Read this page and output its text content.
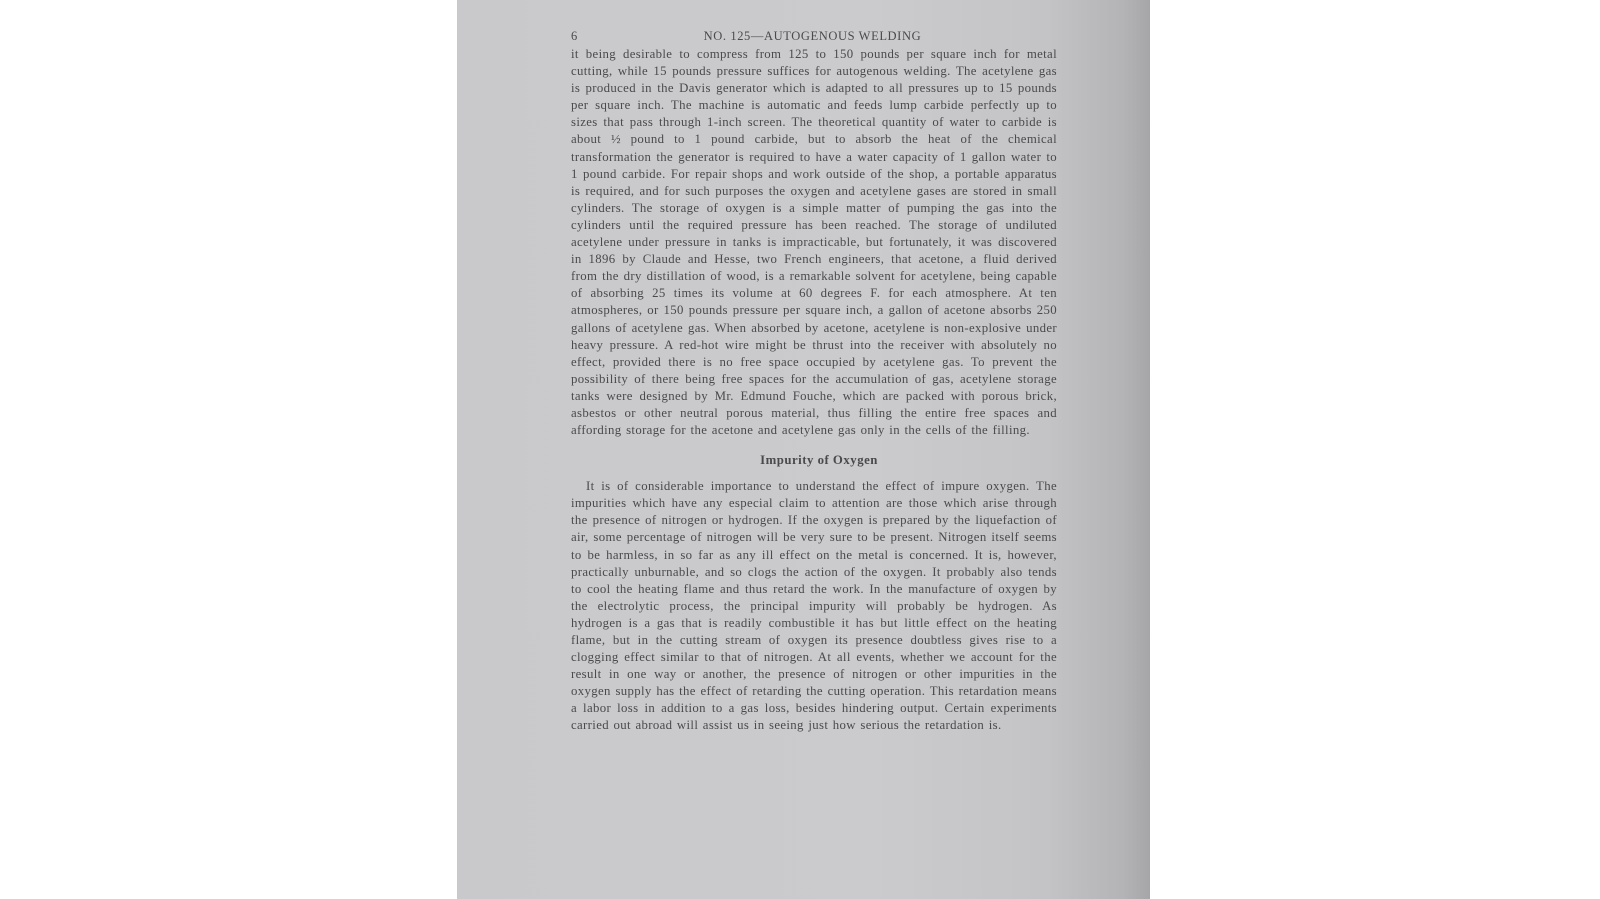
6	NO. 125—AUTOGENOUS WELDING

it being desirable to compress from 125 to 150 pounds per square inch for metal cutting, while 15 pounds pressure suffices for autogenous welding. The acetylene gas is produced in the Davis generator which is adapted to all pressures up to 15 pounds per square inch. The machine is automatic and feeds lump carbide perfectly up to sizes that pass through 1-inch screen. The theoretical quantity of water to carbide is about ½ pound to 1 pound carbide, but to absorb the heat of the chemical transformation the generator is required to have a water capacity of 1 gallon water to 1 pound carbide. For repair shops and work outside of the shop, a portable apparatus is required, and for such purposes the oxygen and acetylene gases are stored in small cylinders. The storage of oxygen is a simple matter of pumping the gas into the cylinders until the required pressure has been reached. The storage of undiluted acetylene under pressure in tanks is impracticable, but fortunately, it was discovered in 1896 by Claude and Hesse, two French engineers, that acetone, a fluid derived from the dry distillation of wood, is a remarkable solvent for acetylene, being capable of absorbing 25 times its volume at 60 degrees F. for each atmosphere. At ten atmospheres, or 150 pounds pressure per square inch, a gallon of acetone absorbs 250 gallons of acetylene gas. When absorbed by acetone, acetylene is non-explosive under heavy pressure. A red-hot wire might be thrust into the receiver with absolutely no effect, provided there is no free space occupied by acetylene gas. To prevent the possibility of there being free spaces for the accumulation of gas, acetylene storage tanks were designed by Mr. Edmund Fouche, which are packed with porous brick, asbestos or other neutral porous material, thus filling the entire free spaces and affording storage for the acetone and acetylene gas only in the cells of the filling.

Impurity of Oxygen

It is of considerable importance to understand the effect of impure oxygen. The impurities which have any especial claim to attention are those which arise through the presence of nitrogen or hydrogen. If the oxygen is prepared by the liquefaction of air, some percentage of nitrogen will be very sure to be present. Nitrogen itself seems to be harmless, in so far as any ill effect on the metal is concerned. It is, however, practically unburnable, and so clogs the action of the oxygen. It probably also tends to cool the heating flame and thus retard the work. In the manufacture of oxygen by the electrolytic process, the principal impurity will probably be hydrogen. As hydrogen is a gas that is readily combustible it has but little effect on the heating flame, but in the cutting stream of oxygen its presence doubtless gives rise to a clogging effect similar to that of nitrogen. At all events, whether we account for the result in one way or another, the presence of nitrogen or other impurities in the oxygen supply has the effect of retarding the cutting operation. This retardation means a labor loss in addition to a gas loss, besides hindering output. Certain experiments carried out abroad will assist us in seeing just how serious the retardation is.
